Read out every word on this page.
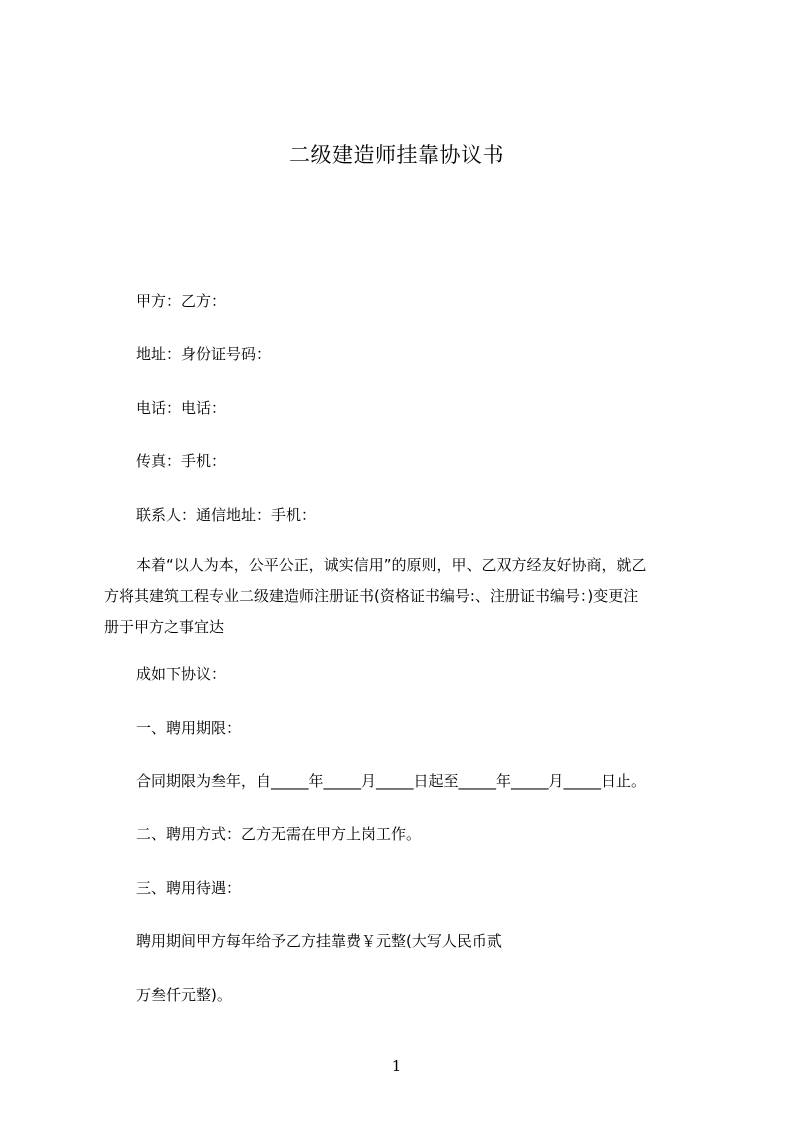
二级建造师挂靠协议书
甲方：乙方：
地址：身份证号码：
电话：电话：
传真：手机：
联系人：通信地址：手机：
本着“以人为本，公平公正，诚实信用”的原则，甲、乙双方经友好协商，就乙
方将其建筑工程专业二级建造师注册证书(资格证书编号:、注册证书编号：)变更注
册于甲方之事宜达
成如下协议：
一、聘用期限：
合同期限为叁年，自_____年_____月_____日起至_____年_____月_____日止。
二、聘用方式：乙方无需在甲方上岗工作。
三、聘用待遇：
聘用期间甲方每年给予乙方挂靠费￥元整(大写人民币贰
万叁仟元整)。
1
